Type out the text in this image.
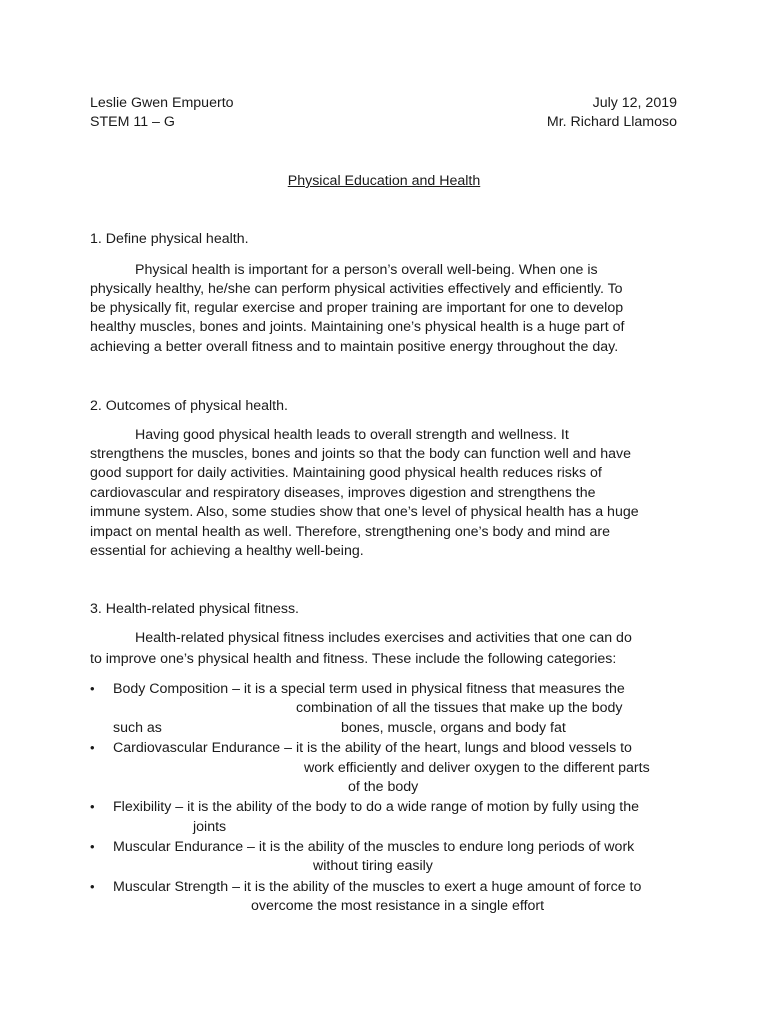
Leslie Gwen Empuerto

STEM 11 – G

July 12, 2019

Mr. Richard Llamoso

Physical Education and Health

1. Define physical health.

Physical health is important for a person’s overall well-being. When one is

physically healthy, he/she can perform physical activities effectively and efficiently. To

be physically fit, regular exercise and proper training are important for one to develop

healthy muscles, bones and joints. Maintaining one’s physical health is a huge part of

achieving a better overall fitness and to maintain positive energy throughout the day.

2. Outcomes of physical health.

Having good physical health leads to overall strength and wellness. It

strengthens the muscles, bones and joints so that the body can function well and have

good support for daily activities. Maintaining good physical health reduces risks of

cardiovascular and respiratory diseases, improves digestion and strengthens the

immune system. Also, some studies show that one’s level of physical health has a huge

impact on mental health as well. Therefore, strengthening one’s body and mind are

essential for achieving a healthy well-being.

3. Health-related physical fitness.

Health-related physical fitness includes exercises and activities that one can do

to improve one’s physical health and fitness. These include the following categories:

• Body Composition – it is a special term used in physical fitness that measures the

combination of all the tissues that make up the body

such as	bones, muscle, organs and body fat

• Cardiovascular Endurance – it is the ability of the heart, lungs and blood vessels to

work efficiently and deliver oxygen to the different parts

of the body

• Flexibility – it is the ability of the body to do a wide range of motion by fully using the

joints

• Muscular Endurance – it is the ability of the muscles to endure long periods of work

without tiring easily

• Muscular Strength – it is the ability of the muscles to exert a huge amount of force to

overcome the most resistance in a single effort
